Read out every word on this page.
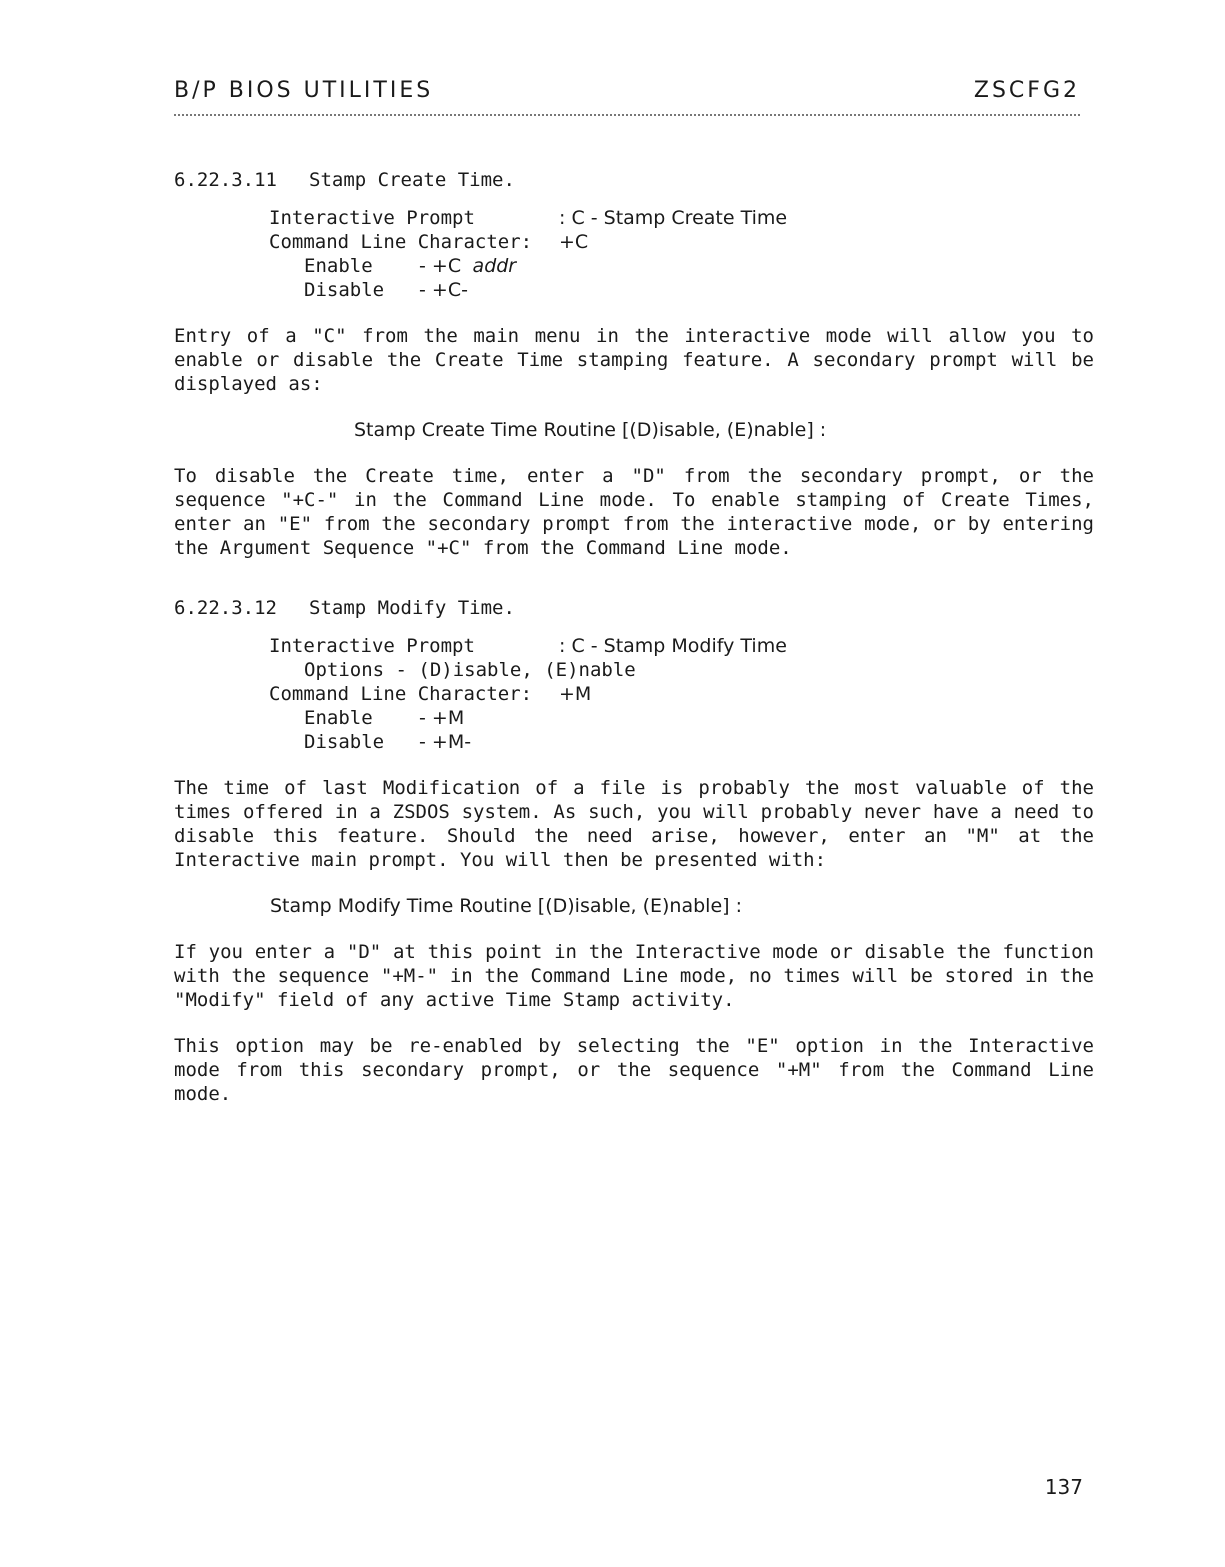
B/P BIOS UTILITIES	ZSCFG2
6.22.3.11 Stamp Create Time.
Interactive Prompt	: C - Stamp Create Time
Command Line Character: +C
Enable - +C addr
Disable - +C-
Entry of a "C" from the main menu in the interactive mode will allow you to enable or disable the Create Time stamping feature. A secondary prompt will be displayed as:
Stamp Create Time Routine [(D)isable, (E)nable] :
To disable the Create time, enter a "D" from the secondary prompt, or the sequence "+C-" in the Command Line mode. To enable stamping of Create Times, enter an "E" from the secondary prompt from the interactive mode, or by entering the Argument Sequence "+C" from the Command Line mode.
6.22.3.12 Stamp Modify Time.
Interactive Prompt	: C - Stamp Modify Time
Options - (D)isable, (E)nable
Command Line Character: +M
Enable - +M
Disable - +M-
The time of last Modification of a file is probably the most valuable of the times offered in a ZSDOS system. As such, you will probably never have a need to disable this feature. Should the need arise, however, enter an "M" at the Interactive main prompt. You will then be presented with:
Stamp Modify Time Routine [(D)isable, (E)nable] :
If you enter a "D" at this point in the Interactive mode or disable the function with the sequence "+M-" in the Command Line mode, no times will be stored in the "Modify" field of any active Time Stamp activity.
This option may be re-enabled by selecting the "E" option in the Interactive mode from this secondary prompt, or the sequence "+M" from the Command Line mode.
137
